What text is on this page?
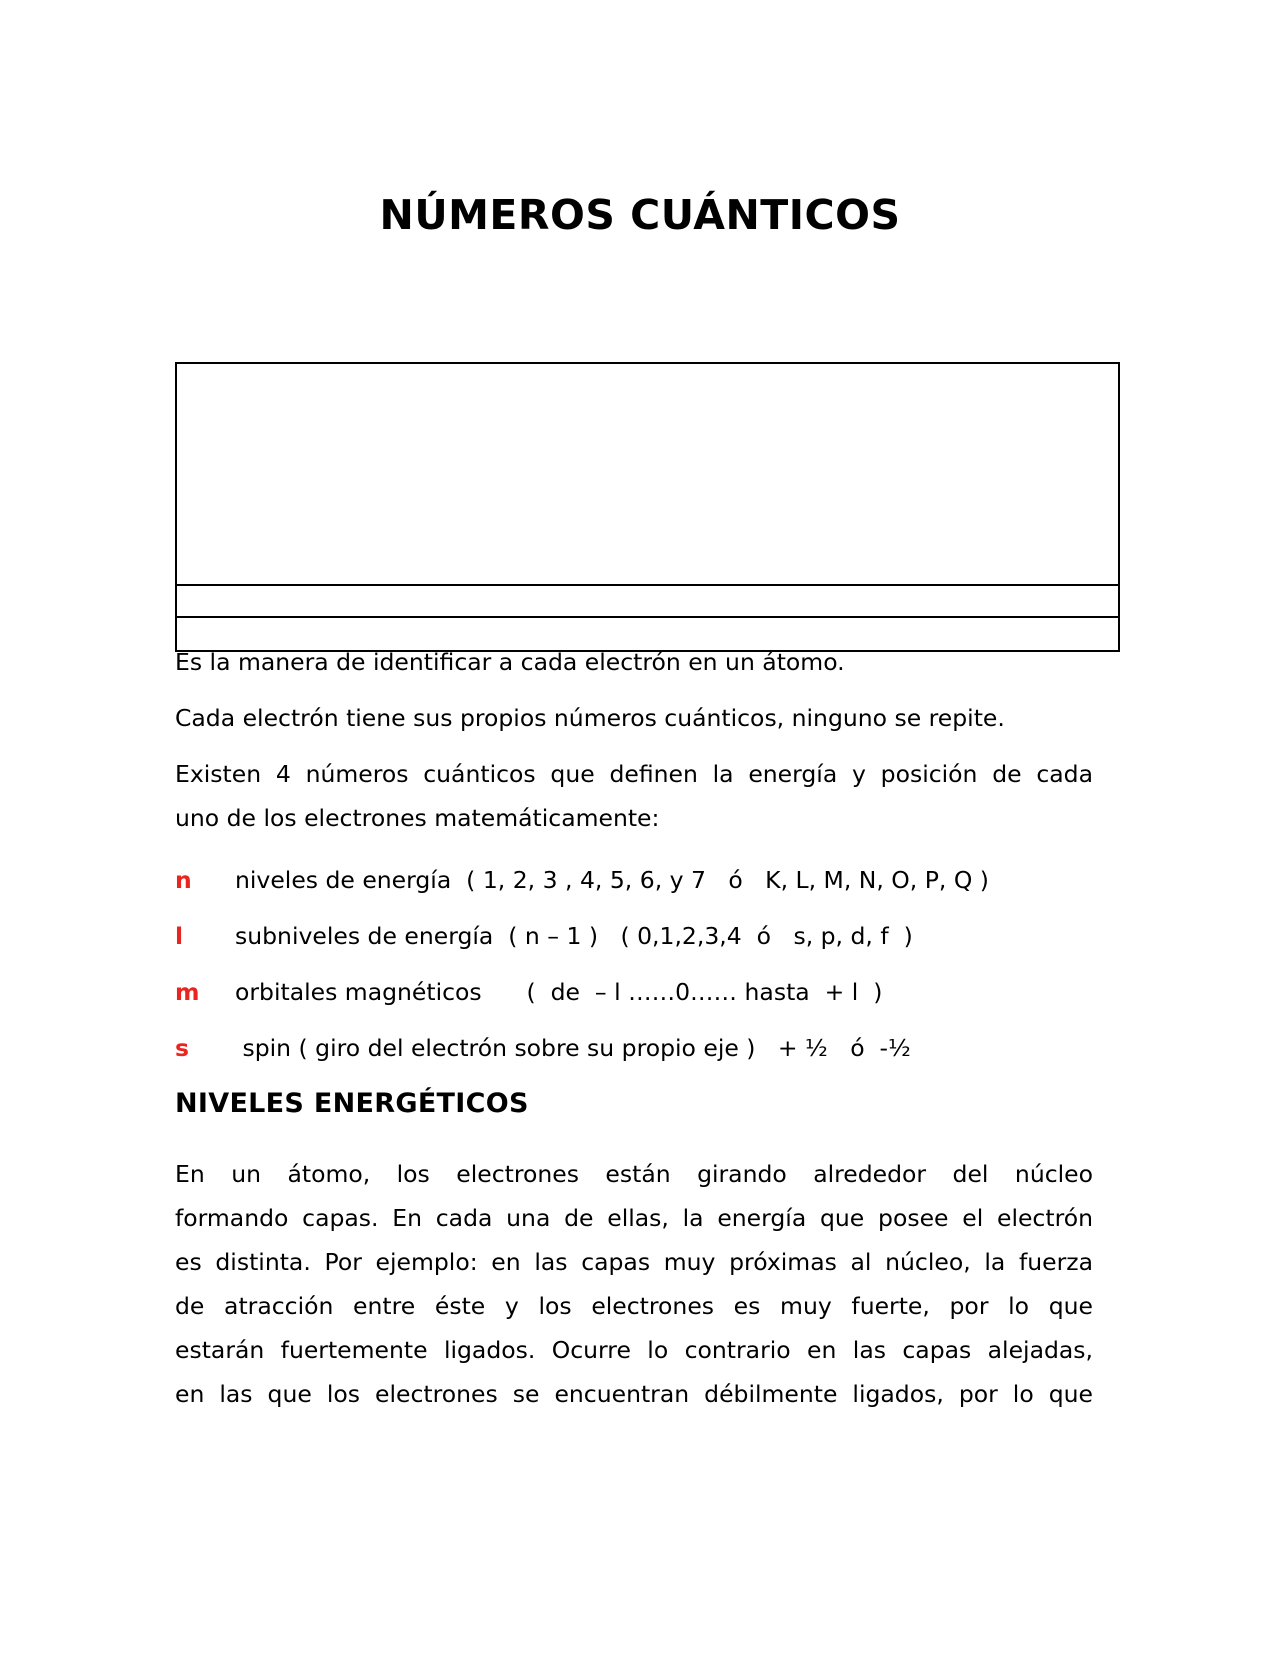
NÚMEROS CUÁNTICOS

Es la manera de identificar a cada electrón en un átomo.

Cada electrón tiene sus propios números cuánticos, ninguno se repite.

Existen 4 números cuánticos que definen la energía y posición de cada
uno de los electrones matemáticamente:
n niveles de energía  ( 1, 2, 3 , 4, 5, 6, y 7   ó   K, L, M, N, O, P, Q )
l subniveles de energía  ( n – 1 )   ( 0,1,2,3,4  ó   s, p, d, f  )
m orbitales magnéticos      (  de  – l ……0…… hasta  + l  )
s spin ( giro del electrón sobre su propio eje )   + ½   ó  -½
NIVELES ENERGÉTICOS
En un átomo, los electrones están girando alrededor del núcleo
formando capas. En cada una de ellas, la energía que posee el electrón
es distinta. Por ejemplo: en las capas muy próximas al núcleo, la fuerza
de atracción entre éste y los electrones es muy fuerte, por lo que
estarán fuertemente ligados. Ocurre lo contrario en las capas alejadas,
en las que los electrones se encuentran débilmente ligados, por lo que
